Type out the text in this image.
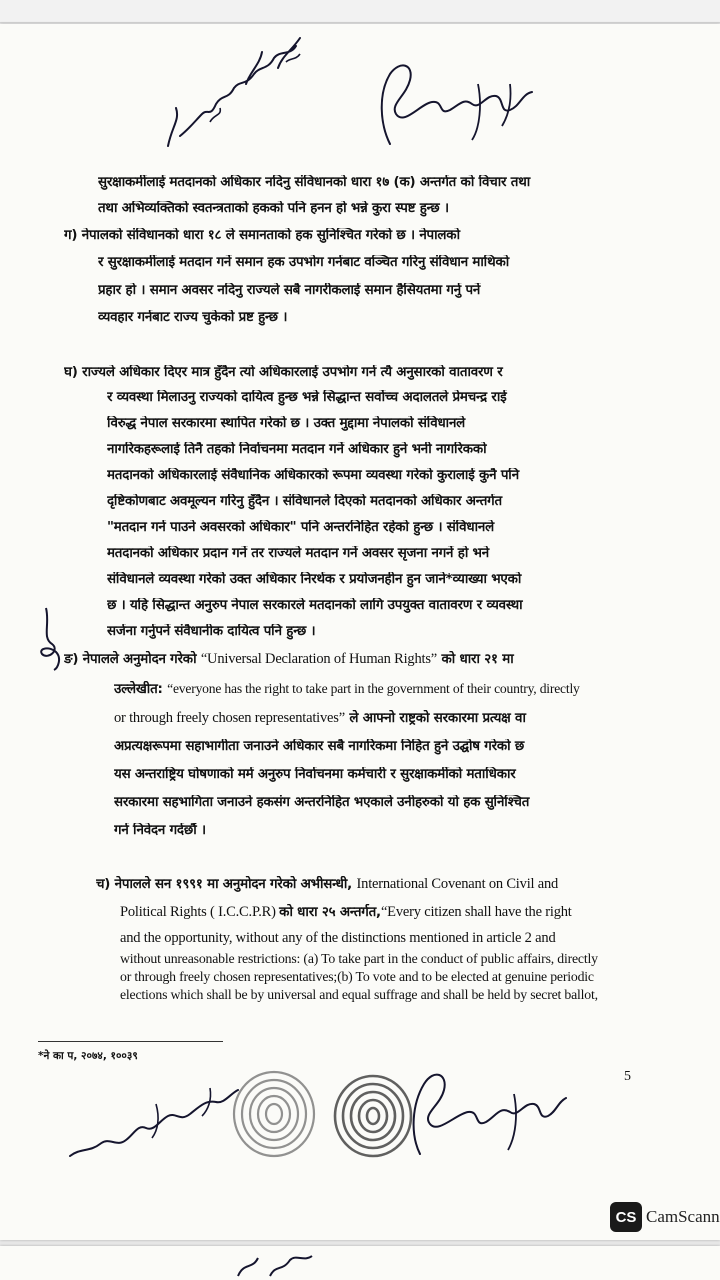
सुरक्षाकर्मीलाई मतदानको अधिकार नदिनु संविधानको धारा १७ (क) अन्तर्गत को विचार तथा
तथा अभिव्यक्तिको स्वतन्त्रताको हकको पनि हनन हो भन्ने कुरा स्पष्ट हुन्छ ।
ग) नेपालको संविधानको धारा १८ ले समानताको हक सुनिश्चित गरेको छ । नेपालको
र सुरक्षाकर्मीलाई मतदान गर्ने समान हक उपभोग गर्नबाट वञ्चित गरिनु संविधान माथिको
प्रहार हो । समान अवसर नदिनु राज्यले सबै नागरीकलाई समान हैसियतमा गर्नु पर्ने
व्यवहार गर्नबाट राज्य चुकेको प्रष्ट हुन्छ ।
घ) राज्यले अधिकार दिएर मात्र हुँदैन त्यो अधिकारलाई उपभोग गर्न त्यै अनुसारको वातावरण र
र व्यवस्था मिलाउनु राज्यको दायित्व हुन्छ भन्ने सिद्धान्त सर्वोच्च अदालतले प्रेमचन्द्र राई
विरुद्ध नेपाल सरकारमा स्थापित गरेको छ । उक्त मुद्दामा नेपालको संविधानले
नागरिकहरूलाई तिनै तहको निर्वाचनमा मतदान गर्ने अधिकार हुने भनी नागरिकको
मतदानको अधिकारलाई संवैधानिक अधिकारको रूपमा व्यवस्था गरेको कुरालाई कुनै पनि
दृष्टिकोणबाट अवमूल्यन गरिनु हुँदैन । संविधानले दिएको मतदानको अधिकार अन्तर्गत
"मतदान गर्न पाउने अवसरको अधिकार" पनि अन्तरनिहित रहेको हुन्छ । संविधानले
मतदानको अधिकार प्रदान गर्ने तर राज्यले मतदान गर्ने अवसर सृजना नगर्ने हो भने
संविधानले व्यवस्था गरेको उक्त अधिकार निरर्थक र प्रयोजनहीन हुन जाने*व्याख्या भएको
छ । यहि सिद्धान्त अनुरुप नेपाल सरकारले मतदानको लागि उपयुक्त वातावरण र व्यवस्था
सर्जना गर्नुपर्ने संवैधानीक दायित्व पनि हुन्छ ।
ङ) नेपालले अनुमोदन गरेको “Universal Declaration of Human Rights” को धारा २१ मा
उल्लेखीत: “everyone has the right to take part in the government of their country, directly
or through freely chosen representatives” ले आफ्नो राष्ट्रको सरकारमा प्रत्यक्ष वा
अप्रत्यक्षरूपमा सहाभागीता जनाउने अधिकार सबै नागरिकमा निहित हुने उद्घोष गरेको छ
यस अन्तराष्ट्रिय घोषणाको मर्म अनुरुप निर्वाचनमा कर्मचारी र सुरक्षाकर्मीको मताधिकार
सरकारमा सहभागिता जनाउने हकसंग अन्तरनिहित भएकाले उनीहरुको यो हक सुनिश्चित
गर्न निवेदन गर्दछौं ।
च) नेपालले सन १९९१ मा अनुमोदन गरेको अभीसन्धी, International Covenant on Civil and
Political Rights ( I.C.C.P.R) को धारा २५ अन्तर्गत,“Every citizen shall have the right
and the opportunity, without any of the distinctions mentioned in article 2 and
without unreasonable restrictions: (a) To take part in the conduct of public affairs, directly
or through freely chosen representatives;(b) To vote and to be elected at genuine periodic
elections which shall be by universal and equal suffrage and shall be held by secret ballot,
*ने का प, २०७४, १००३९
5
CS CamScann
